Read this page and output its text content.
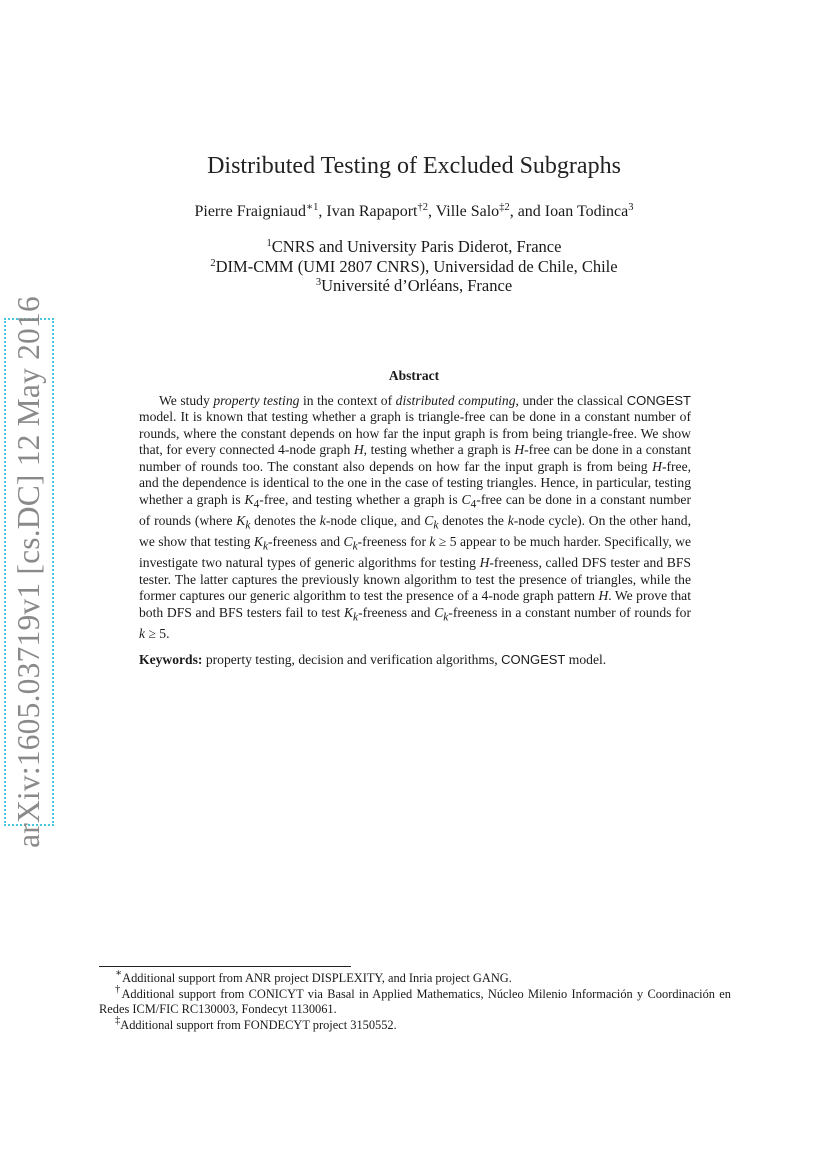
arXiv:1605.03719v1 [cs.DC] 12 May 2016
Distributed Testing of Excluded Subgraphs
Pierre Fraigniaud$^{∗1}$, Ivan Rapaport$^{\dagger 2}$, Ville Salo$^{\ddagger 2}$, and Ioan Todinca$^3$
$^1$CNRS and University Paris Diderot, France
$^2$DIM-CMM (UMI 2807 CNRS), Universidad de Chile, Chile
$^3$Université d’Orléans, France
Abstract

We study property testing in the context of distributed computing, under the classical CONGEST model. It is known that testing whether a graph is triangle-free can be done in a constant number of rounds, where the constant depends on how far the input graph is from being triangle-free. We show that, for every connected 4-node graph H, testing whether a graph is H-free can be done in a constant number of rounds too. The constant also depends on how far the input graph is from being H-free, and the dependence is identical to the one in the case of testing triangles. Hence, in particular, testing whether a graph is $K_4$-free, and testing whether a graph is $C_4$-free can be done in a constant number of rounds (where $K_k$ denotes the k-node clique, and $C_k$ denotes the k-node cycle). On the other hand, we show that testing $K_k$-freeness and $C_k$-freeness for k ≥ 5 appear to be much harder. Specifically, we investigate two natural types of generic algorithms for testing H-freeness, called DFS tester and BFS tester. The latter captures the previously known algorithm to test the presence of triangles, while the former captures our generic algorithm to test the presence of a 4-node graph pattern H. We prove that both DFS and BFS testers fail to test $K_k$-freeness and $C_k$-freeness in a constant number of rounds for k ≥ 5.

Keywords: property testing, decision and verification algorithms, CONGEST model.

∗Additional support from ANR project DISPLEXITY, and Inria project GANG.

†Additional support from CONICYT via Basal in Applied Mathematics, Núcleo Milenio Información y Coordinación en Redes ICM/FIC RC130003, Fondecyt 1130061.

‡Additional support from FONDECYT project 3150552.
